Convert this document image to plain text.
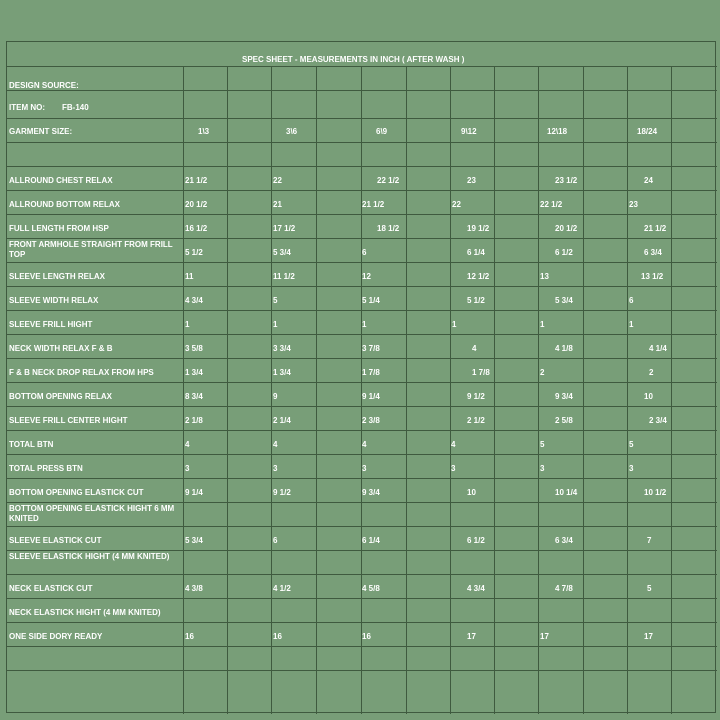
SPEC SHEET - MEASUREMENTS IN INCH ( AFTER WASH )
DESIGN SOURCE:
ITEM NO: FB-140
GARMENT SIZE:	1\3	3\6	6\9	9\12	12\18	18/24
ALLROUND CHEST RELAX	21 1/2	22	22 1/2	23	23 1/2	24
ALLROUND BOTTOM RELAX	20 1/2	21	21 1/2	22	22 1/2	23
FULL LENGTH FROM HSP	16 1/2	17 1/2	18 1/2	19 1/2	20 1/2	21 1/2
FRONT ARMHOLE STRAIGHT FROM FRILL TOP	5 1/2	5 3/4	6	6 1/4	6 1/2	6 3/4
SLEEVE LENGTH RELAX	11	11 1/2	12	12 1/2	13	13 1/2
SLEEVE WIDTH RELAX	4 3/4	5	5 1/4	5 1/2	5 3/4	6
SLEEVE FRILL HIGHT	1	1	1	1	1	1
NECK WIDTH RELAX F & B	3 5/8	3 3/4	3 7/8	4	4 1/8	4 1/4
F & B NECK DROP RELAX FROM HPS	1 3/4	1 3/4	1 7/8	1 7/8	2	2
BOTTOM OPENING RELAX	8 3/4	9	9 1/4	9 1/2	9 3/4	10
SLEEVE FRILL CENTER HIGHT	2 1/8	2 1/4	2 3/8	2 1/2	2 5/8	2 3/4
TOTAL BTN	4	4	4	4	5	5
TOTAL PRESS BTN	3	3	3	3	3	3
BOTTOM OPENING ELASTICK CUT	9 1/4	9 1/2	9 3/4	10	10 1/4	10 1/2
BOTTOM OPENING ELASTICK HIGHT 6 MM KNITED
SLEEVE ELASTICK CUT	5 3/4	6	6 1/4	6 1/2	6 3/4	7
SLEEVE ELASTICK HIGHT (4 MM KNITED)
NECK ELASTICK CUT	4 3/8	4 1/2	4 5/8	4 3/4	4 7/8	5
NECK ELASTICK HIGHT (4 MM KNITED)
ONE SIDE DORY READY	16	16	16	17	17	17
